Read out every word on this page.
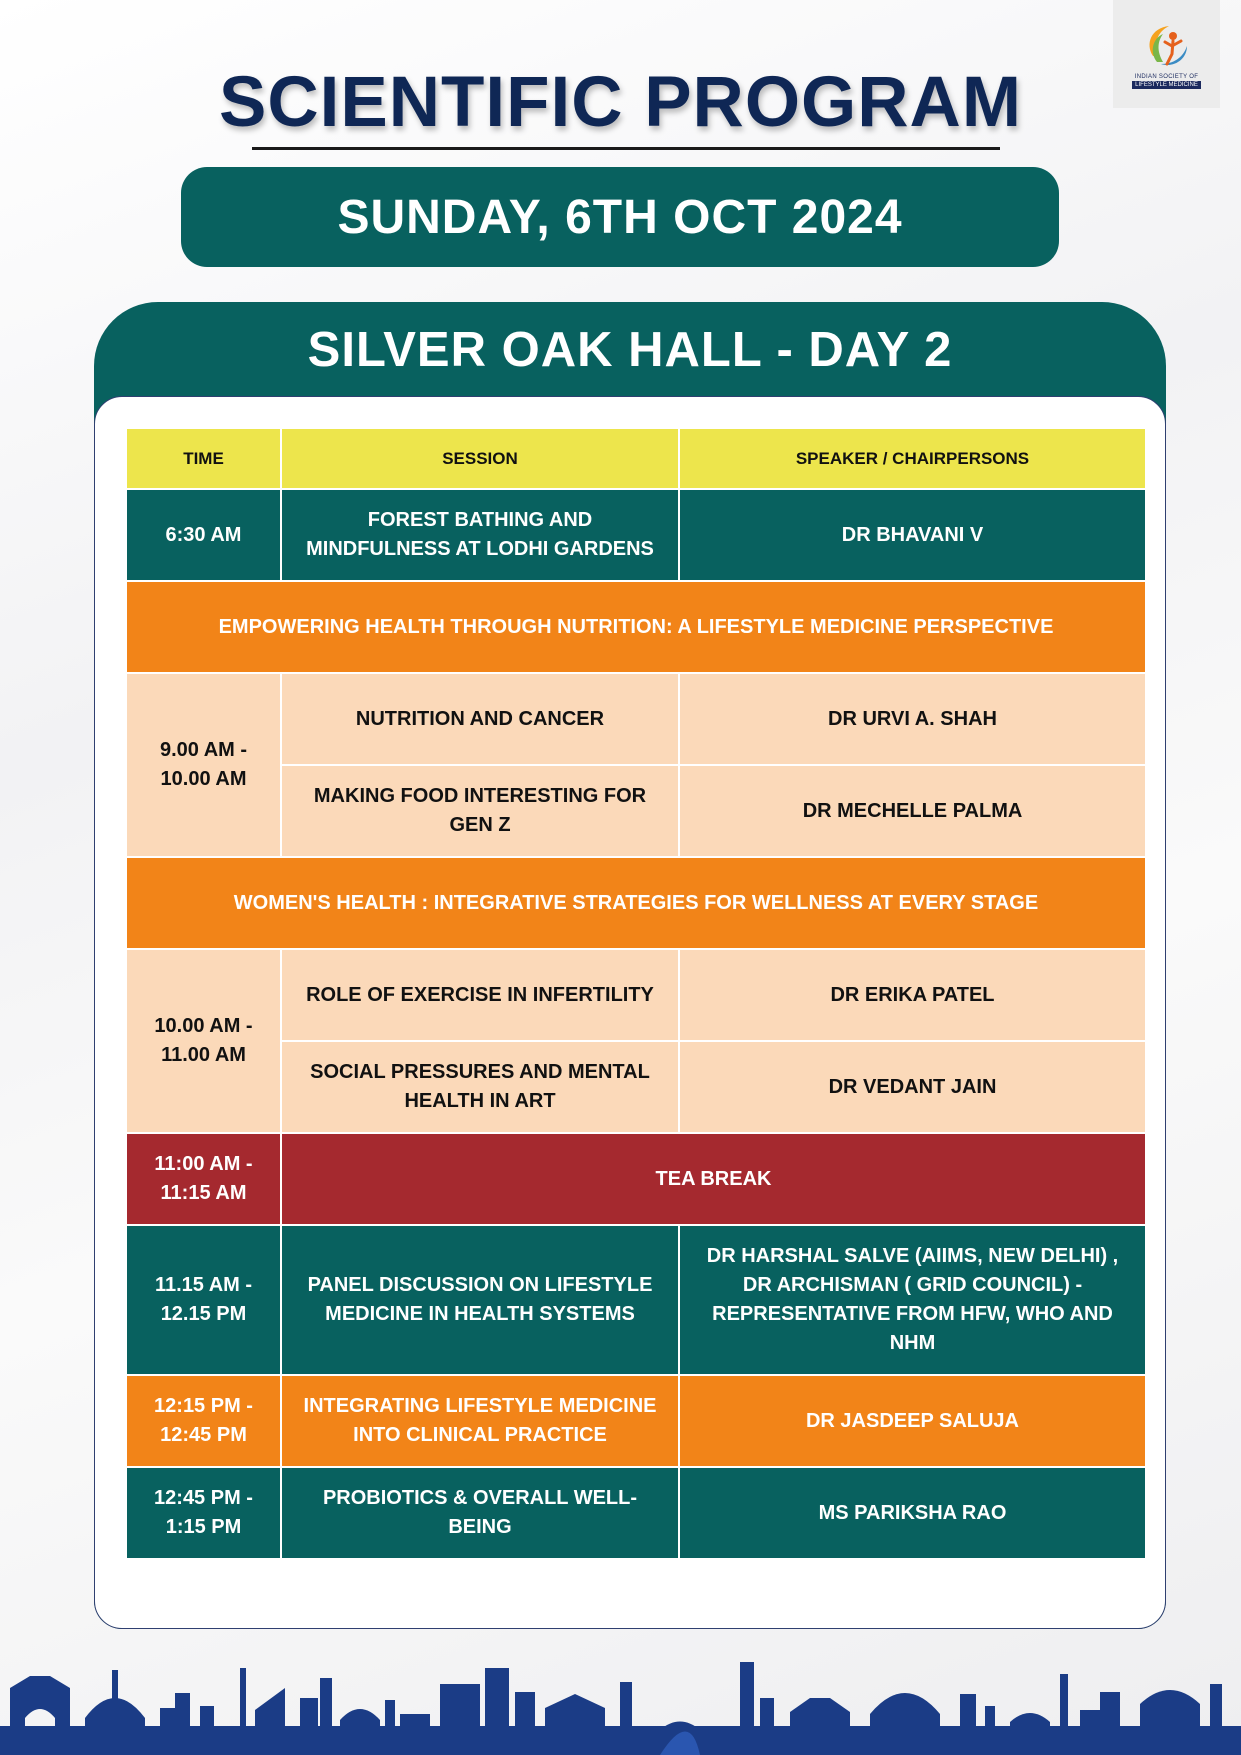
INDIAN SOCIETY OF
LIFESTYLE MEDICINE
SCIENTIFIC PROGRAM
SUNDAY, 6TH OCT 2024
SILVER OAK HALL - DAY 2
TIME	SESSION	SPEAKER / CHAIRPERSONS
6:30 AM	FOREST BATHING AND MINDFULNESS AT LODHI GARDENS	DR BHAVANI V
EMPOWERING HEALTH THROUGH NUTRITION: A LIFESTYLE MEDICINE PERSPECTIVE		
9.00 AM - 10.00 AM	NUTRITION AND CANCER	DR URVI A. SHAH
	MAKING FOOD INTERESTING FOR GEN Z	DR MECHELLE PALMA
WOMEN'S HEALTH : INTEGRATIVE STRATEGIES FOR WELLNESS AT EVERY STAGE		
10.00 AM - 11.00 AM	ROLE OF EXERCISE IN INFERTILITY	DR ERIKA PATEL
	SOCIAL PRESSURES AND MENTAL HEALTH IN ART	DR VEDANT JAIN
11:00 AM - 11:15 AM	TEA BREAK	
11.15 AM - 12.15 PM	PANEL DISCUSSION ON LIFESTYLE MEDICINE IN HEALTH SYSTEMS	DR HARSHAL SALVE (AIIMS, NEW DELHI) , DR ARCHISMAN ( GRID COUNCIL) - REPRESENTATIVE FROM HFW, WHO AND NHM
12:15 PM - 12:45 PM	INTEGRATING LIFESTYLE MEDICINE INTO CLINICAL PRACTICE	DR JASDEEP SALUJA
12:45 PM - 1:15 PM	PROBIOTICS & OVERALL WELL-BEING	MS PARIKSHA RAO
